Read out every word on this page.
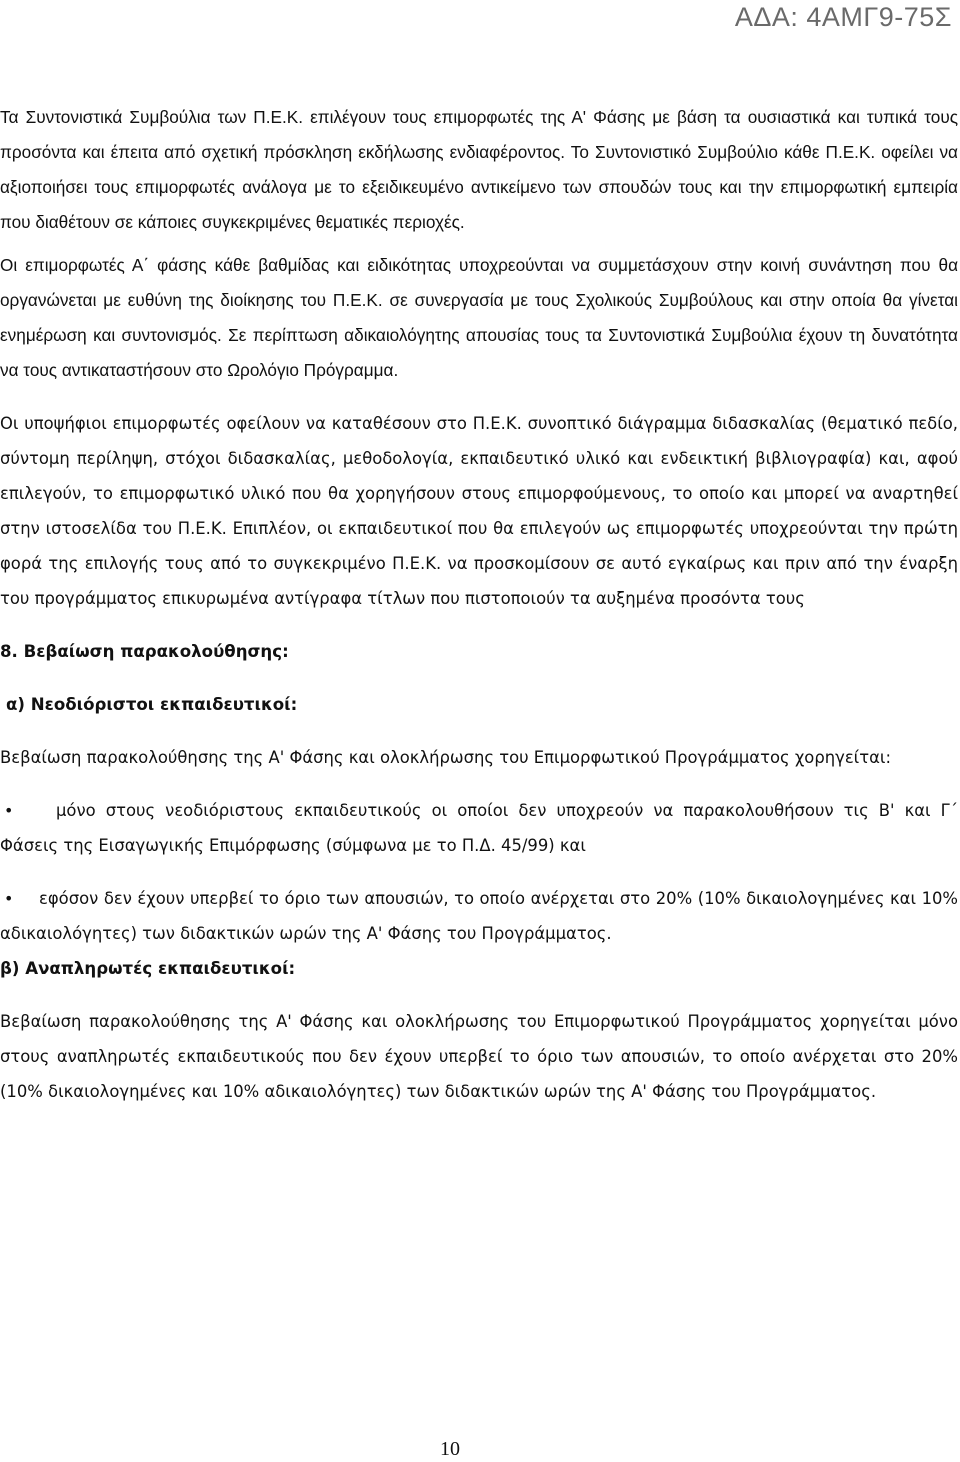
ΑΔΑ: 4ΑΜΓ9-75Σ

Τα Συντονιστικά Συμβούλια των Π.Ε.Κ. επιλέγουν τους επιμορφωτές της Α' Φάσης με βάση τα ουσιαστικά και τυπικά τους προσόντα και έπειτα από σχετική πρόσκληση εκδήλωσης ενδιαφέροντος. Το Συντονιστικό Συμβούλιο κάθε Π.Ε.Κ. οφείλει να αξιοποιήσει τους επιμορφωτές ανάλογα με το εξειδικευμένο αντικείμενο των σπουδών τους και την επιμορφωτική εμπειρία που διαθέτουν σε κάποιες συγκεκριμένες θεματικές περιοχές.

Οι επιμορφωτές Α΄ φάσης κάθε βαθμίδας και ειδικότητας υποχρεούνται να συμμετάσχουν στην κοινή συνάντηση που θα οργανώνεται με ευθύνη της διοίκησης του Π.Ε.Κ. σε συνεργασία με τους Σχολικούς Συμβούλους και στην οποία θα γίνεται ενημέρωση και συντονισμός. Σε περίπτωση αδικαιολόγητης απουσίας τους τα Συντονιστικά Συμβούλια έχουν τη δυνατότητα να τους αντικαταστήσουν στο Ωρολόγιο Πρόγραμμα.

Οι υποψήφιοι επιμορφωτές οφείλουν να καταθέσουν στο Π.Ε.Κ. συνοπτικό διάγραμμα διδασκαλίας (θεματικό πεδίο, σύντομη περίληψη, στόχοι διδασκαλίας, μεθοδολογία, εκπαιδευτικό υλικό και ενδεικτική βιβλιογραφία) και, αφού επιλεγούν, το επιμορφωτικό υλικό που θα χορηγήσουν στους επιμορφούμενους, το οποίο και μπορεί να αναρτηθεί στην ιστοσελίδα του Π.Ε.Κ. Επιπλέον, οι εκπαιδευτικοί που θα επιλεγούν ως επιμορφωτές υποχρεούνται την πρώτη φορά της επιλογής τους από το συγκεκριμένο Π.Ε.Κ. να προσκομίσουν σε αυτό εγκαίρως και πριν από την έναρξη του προγράμματος επικυρωμένα αντίγραφα τίτλων που πιστοποιούν τα αυξημένα προσόντα τους

8. Βεβαίωση παρακολούθησης:
α) Νεοδιόριστοι εκπαιδευτικοί:

Βεβαίωση παρακολούθησης της Α' Φάσης και ολοκλήρωσης του Επιμορφωτικού Προγράμματος χορηγείται:

•	μόνο στους νεοδιόριστους εκπαιδευτικούς οι οποίοι δεν υποχρεούν να παρακολουθήσουν τις Β' και Γ΄ Φάσεις της Εισαγωγικής Επιμόρφωσης (σύμφωνα με το Π.Δ. 45/99) και

•	εφόσον δεν έχουν υπερβεί το όριο των απουσιών, το οποίο ανέρχεται στο 20% (10% δικαιολογημένες και 10% αδικαιολόγητες) των διδακτικών ωρών της Α' Φάσης του Προγράμματος.

β) Αναπληρωτές εκπαιδευτικοί:

Βεβαίωση παρακολούθησης της Α' Φάσης και ολοκλήρωσης του Επιμορφωτικού Προγράμματος χορηγείται μόνο στους αναπληρωτές εκπαιδευτικούς που δεν έχουν υπερβεί το όριο των απουσιών, το οποίο ανέρχεται στο 20% (10% δικαιολογημένες και 10% αδικαιολόγητες) των διδακτικών ωρών της Α' Φάσης του Προγράμματος.

10
